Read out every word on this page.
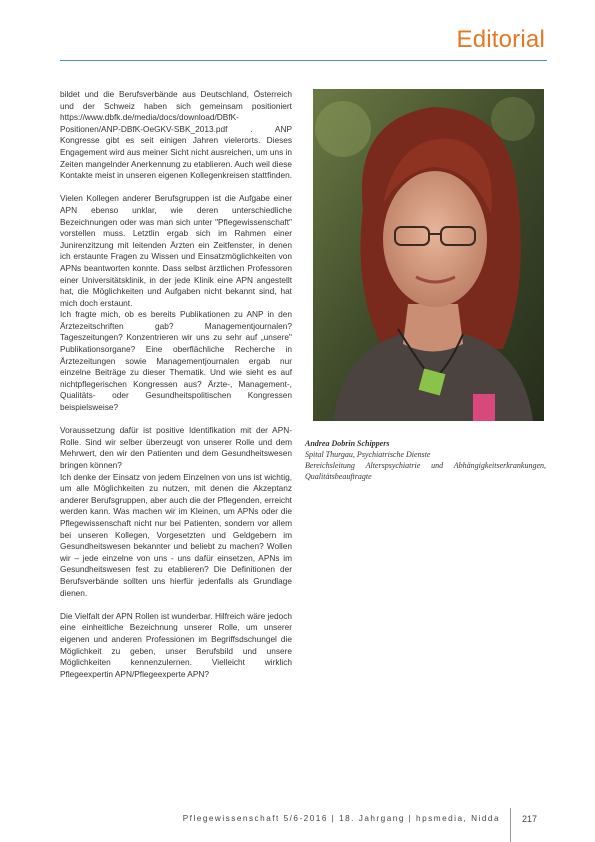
Editorial

bildet und die Berufsverbände aus Deutschland, Österreich und der Schweiz haben sich gemeinsam positioniert https://www.dbfk.de/media/docs/download/DBfK-Positionen/ANP-DBfK-OeGKV-SBK_2013.pdf . ANP Kongresse gibt es seit einigen Jahren vielerorts. Dieses Engagement wird aus meiner Sicht nicht ausreichen, um uns in Zeiten mangelnder Anerkennung zu etablieren. Auch weil diese Kontakte meist in unseren eigenen Kollegenkreisen stattfinden.

Vielen Kollegen anderer Berufsgruppen ist die Aufgabe einer APN ebenso unklar, wie deren unterschiedliche Bezeichnungen oder was man sich unter "Pflegewissenschaft" vorstellen muss. Letztlin ergab sich im Rahmen einer Junirenzitzung mit leitenden Ärzten ein Zeitfenster, in denen ich erstaunte Fragen zu Wissen und Einsatzmöglichkeiten von APNs beantworten konnte. Dass selbst ärztlichen Professoren einer Universitätsklinik, in der jede Klinik eine APN angestellt hat, die Möglichkeiten und Aufgaben nicht bekannt sind, hat mich doch erstaunt.

Ich fragte mich, ob es bereits Publikationen zu ANP in den Ärztezeitschriften gab? Managementjournalen? Tageszeitungen? Konzentrieren wir uns zu sehr auf „unsere" Publikationsorgane? Eine oberflächliche Recherche in Ärztezeitungen sowie Managementjournalen ergab nur einzelne Beiträge zu dieser Thematik. Und wie sieht es auf nichtpflegerischen Kongressen aus? Ärzte-, Management-, Qualitäts- oder Gesundheitspolitischen Kongressen beispielsweise?

Voraussetzung dafür ist positive Identifikation mit der APN-Rolle. Sind wir selber überzeugt von unserer Rolle und dem Mehrwert, den wir den Patienten und dem Gesundheitswesen bringen können?

Ich denke der Einsatz von jedem Einzelnen von uns ist wichtig, um alle Möglichkeiten zu nutzen, mit denen die Akzeptanz anderer Berufsgruppen, aber auch die der Pflegenden, erreicht werden kann. Was machen wir im Kleinen, um APNs oder die Pflegewissenschaft nicht nur bei Patienten, sondern vor allem bei unseren Kollegen, Vorgesetzten und Geldgebern im Gesundheitswesen bekannter und beliebt zu machen? Wollen wir – jede einzelne von uns - uns dafür einsetzen, APNs im Gesundheitswesen fest zu etablieren? Die Definitionen der Berufsverbände sollten uns hierfür jedenfalls als Grundlage dienen.

Die Vielfalt der APN Rollen ist wunderbar. Hilfreich wäre jedoch eine einheitliche Bezeichnung unserer Rolle, um unserer eigenen und anderen Professionen im Begriffsdschungel die Möglichkeit zu geben, unser Berufsbild und unsere Möglichkeiten kennenzulernen. Vielleicht wirklich Pflegeexpertin APN/Pflegeexperte APN?

Andrea Dobrin Schippers
Spital Thurgau, Psychiatrische Dienste
Bereichsleitung Alterspsychiatrie und Abhängigkeitserkrankungen, Qualitätsbeauftragte
Pflegewissenschaft 5/6-2016 | 18. Jahrgang | hpsmedia, Nidda 217
